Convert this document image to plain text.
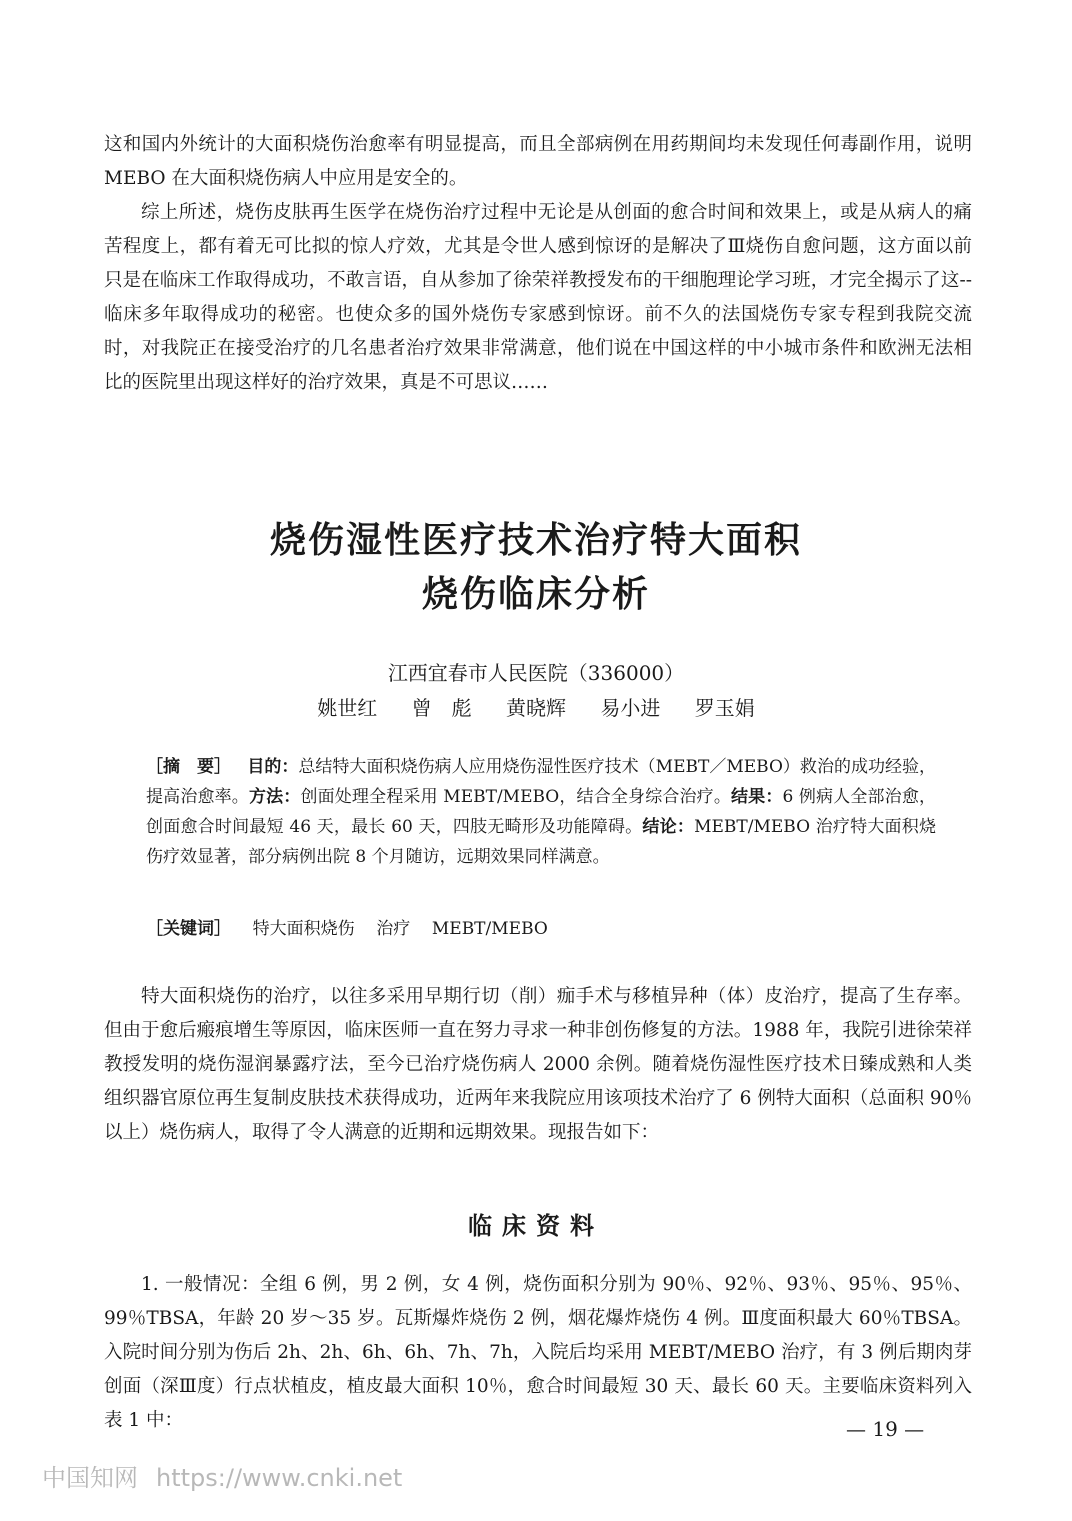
这和国内外统计的大面积烧伤治愈率有明显提高，而且全部病例在用药期间均未发现任何毒副作用，说明 MEBO 在大面积烧伤病人中应用是安全的。

综上所述，烧伤皮肤再生医学在烧伤治疗过程中无论是从创面的愈合时间和效果上，或是从病人的痛苦程度上，都有着无可比拟的惊人疗效，尤其是令世人感到惊讶的是解决了Ⅲ烧伤自愈问题，这方面以前只是在临床工作取得成功，不敢言语，自从参加了徐荣祥教授发布的干细胞理论学习班，才完全揭示了这--临床多年取得成功的秘密。也使众多的国外烧伤专家感到惊讶。前不久的法国烧伤专家专程到我院交流时，对我院正在接受治疗的几名患者治疗效果非常满意，他们说在中国这样的中小城市条件和欧洲无法相比的医院里出现这样好的治疗效果，真是不可思议……

烧伤湿性医疗技术治疗特大面积
烧伤临床分析
江西宜春市人民医院（336000）
姚世红 曾　彪 黄晓辉 易小进 罗玉娟

［摘　要］ 目的：总结特大面积烧伤病人应用烧伤湿性医疗技术（MEBT／MEBO）救治的成功经验，提高治愈率。方法：创面处理全程采用 MEBT/MEBO，结合全身综合治疗。结果：6 例病人全部治愈，创面愈合时间最短 46 天，最长 60 天，四肢无畸形及功能障碍。结论：MEBT/MEBO 治疗特大面积烧伤疗效显著，部分病例出院 8 个月随访，远期效果同样满意。

［关键词］ 特大面积烧伤 治疗 MEBT/MEBO

特大面积烧伤的治疗，以往多采用早期行切（削）痂手术与移植异种（体）皮治疗，提高了生存率。但由于愈后瘢痕增生等原因，临床医师一直在努力寻求一种非创伤修复的方法。1988 年，我院引进徐荣祥教授发明的烧伤湿润暴露疗法，至今已治疗烧伤病人 2000 余例。随着烧伤湿性医疗技术日臻成熟和人类组织器官原位再生复制皮肤技术获得成功，近两年来我院应用该项技术治疗了 6 例特大面积（总面积 90％以上）烧伤病人，取得了令人满意的近期和远期效果。现报告如下：

临床资料

1. 一般情况：全组 6 例，男 2 例，女 4 例，烧伤面积分别为 90％、92％、93％、95％、95％、99％TBSA，年龄 20 岁～35 岁。瓦斯爆炸烧伤 2 例，烟花爆炸烧伤 4 例。Ⅲ度面积最大 60％TBSA。入院时间分别为伤后 2h、2h、6h、6h、7h、7h，入院后均采用 MEBT/MEBO 治疗，有 3 例后期肉芽创面（深Ⅲ度）行点状植皮，植皮最大面积 10％，愈合时间最短 30 天、最长 60 天。主要临床资料列入表 1 中：	— 19 —
中国知网 https://www.cnki.net
